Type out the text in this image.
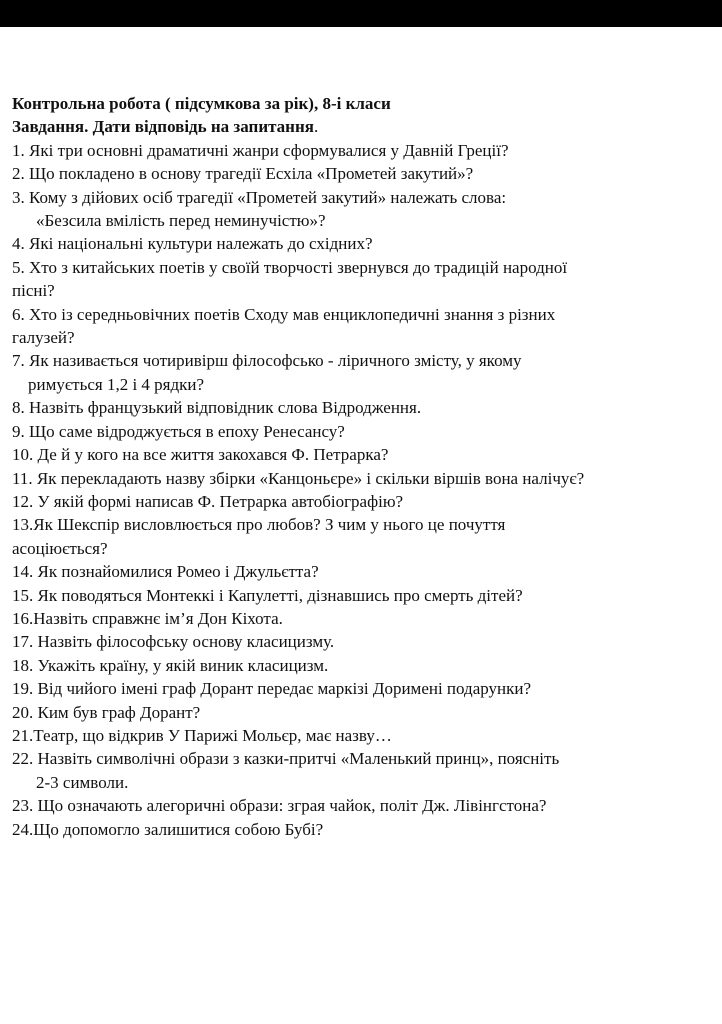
Контрольна робота ( підсумкова за рік), 8-і класи
Завдання. Дати відповідь на запитання.
1. Які три основні драматичні жанри сформувалися у Давній Греції?
2. Що покладено в основу трагедії Есхіла «Прометей закутий»?
3. Кому з дійових осіб трагедії «Прометей закутий» належать слова:
«Безсила вмілість перед неминучістю»?
4. Які національні культури належать до східних?
5. Хто з китайських поетів у своїй творчості звернувся до традицій народної
пісні?
6. Хто із середньовічних поетів Сходу мав енциклопедичні знання з різних
галузей?
7. Як називається чотиривірш філософсько - ліричного змісту, у якому
римується 1,2 і 4 рядки?
8. Назвіть французький відповідник слова Відродження.
9. Що саме відроджується в епоху Ренесансу?
10. Де й у кого на все життя закохався Ф. Петрарка?
11. Як перекладають назву збірки «Канцоньєре» і скільки віршів вона налічує?
12. У якій формі написав Ф. Петрарка автобіографію?
13.Як Шекспір висловлюється про любов? З чим у нього це почуття
асоціюється?
14. Як познайомилися Ромео і Джульєтта?
15. Як поводяться Монтеккі і Капулетті, дізнавшись про смерть дітей?
16.Назвіть справжнє ім’я Дон Кіхота.
17. Назвіть філософську основу класицизму.
18. Укажіть країну, у якій виник класицизм.
19. Від чийого імені граф Дорант передає маркізі Доримені подарунки?
20. Ким був граф Дорант?
21.Театр, що відкрив У Парижі Мольєр, має назву…
22. Назвіть символічні образи з казки-притчі «Маленький принц», поясніть
2-3 символи.
23. Що означають алегоричні образи: зграя чайок, політ Дж. Лівінгстона?
24.Що допомогло залишитися собою Бубі?
